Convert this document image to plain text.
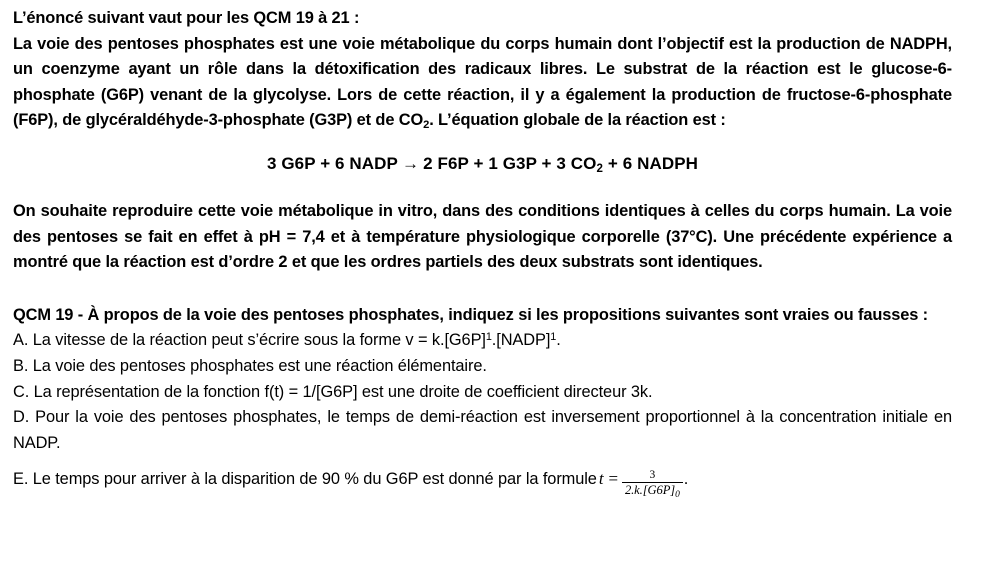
L’énoncé suivant vaut pour les QCM 19 à 21 :

La voie des pentoses phosphates est une voie métabolique du corps humain dont l’objectif est la production de NADPH, un coenzyme ayant un rôle dans la détoxification des radicaux libres. Le substrat de la réaction est le glucose-6-phosphate (G6P) venant de la glycolyse. Lors de cette réaction, il y a également la production de fructose-6-phosphate (F6P), de glycéraldéhyde-3-phosphate (G3P) et de $CO_2$. L’équation globale de la réaction est :

3 G6P + 6 NADP → 2 F6P + 1 G3P + 3 $CO_2 + 6$ NADPH

On souhaite reproduire cette voie métabolique in vitro, dans des conditions identiques à celles du corps humain. La voie des pentoses se fait en effet à pH = 7,4 et à température physiologique corporelle (37°C). Une précédente expérience a montré que la réaction est d’ordre 2 et que les ordres partiels des deux substrats sont identiques.

QCM 19 - À propos de la voie des pentoses phosphates, indiquez si les propositions suivantes sont vraies ou fausses :

A. La vitesse de la réaction peut s’écrire sous la forme $v = k.[G6P]^1.[NADP]^1$.
B. La voie des pentoses phosphates est une réaction élémentaire.
C. La représentation de la fonction f(t) = 1/[G6P] est une droite de coefficient directeur 3k.
D. Pour la voie des pentoses phosphates, le temps de demi-réaction est inversement proportionnel à la concentration initiale en NADP.
E. Le temps pour arriver à la disparition de 90 % du G6P est donné par la formule $t = \frac{3}{2.k.[G6P]_0}$ .
